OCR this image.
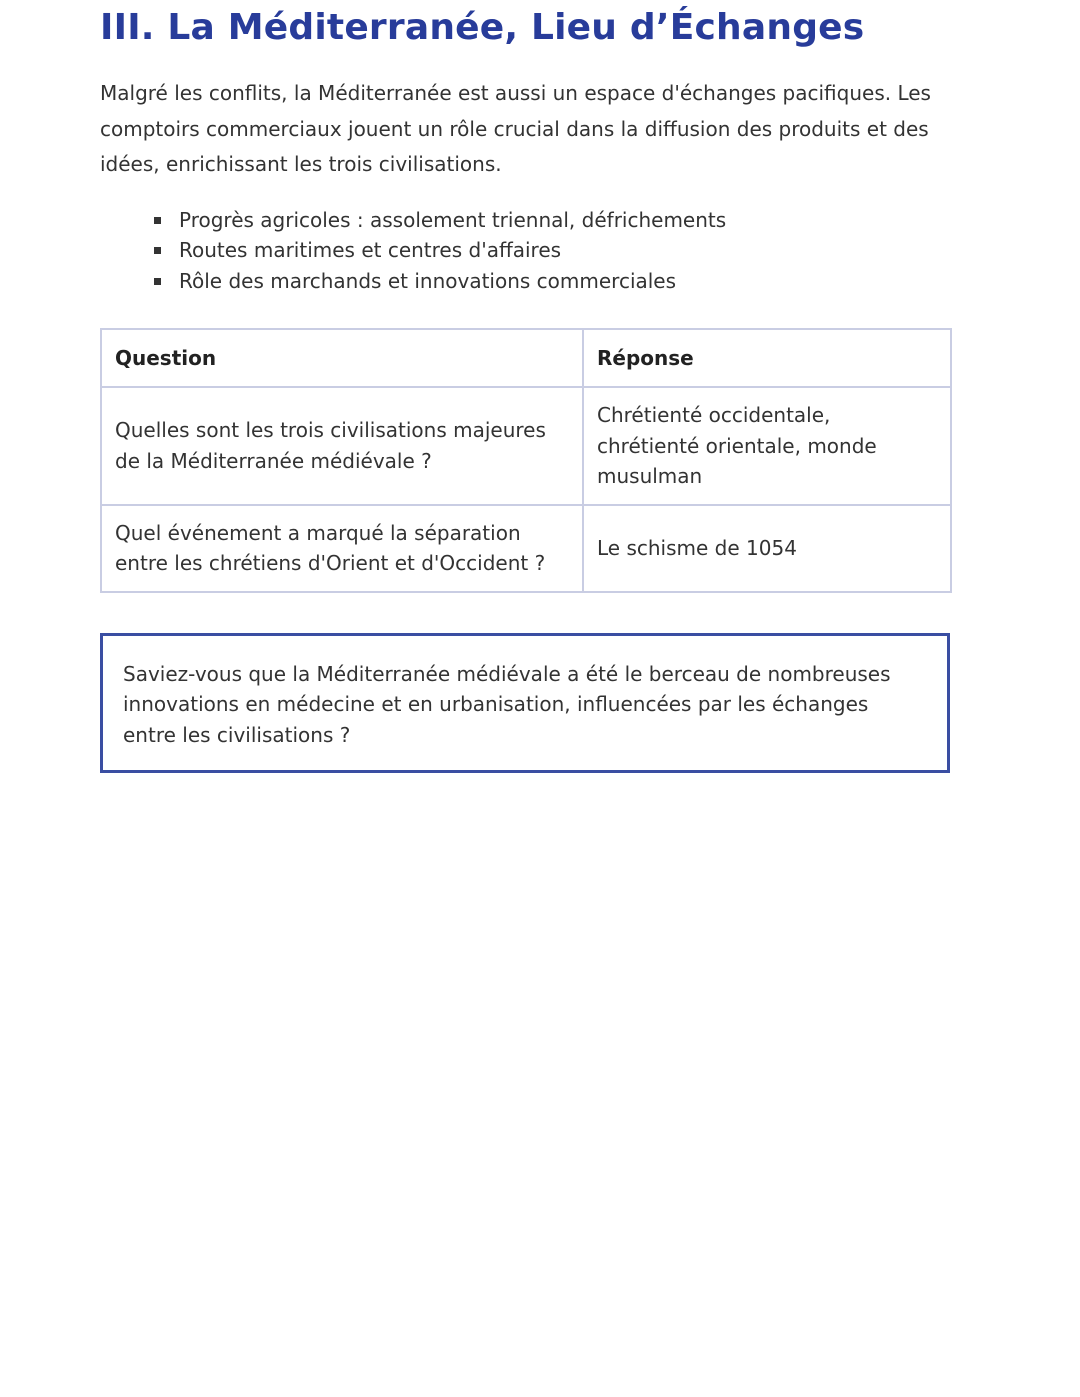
III. La Méditerranée, Lieu d’Échanges

Malgré les conflits, la Méditerranée est aussi un espace d'échanges pacifiques. Les comptoirs commerciaux jouent un rôle crucial dans la diffusion des produits et des idées, enrichissant les trois civilisations.

Progrès agricoles : assolement triennal, défrichements
Routes maritimes et centres d'affaires
Rôle des marchands et innovations commerciales
Question	Réponse
Quelles sont les trois civilisations majeures de la Méditerranée médiévale ?	Chrétienté occidentale, chrétienté orientale, monde musulman
Quel événement a marqué la séparation entre les chrétiens d'Orient et d'Occident ?	Le schisme de 1054
Saviez-vous que la Méditerranée médiévale a été le berceau de nombreuses innovations en médecine et en urbanisation, influencées par les échanges entre les civilisations ?
